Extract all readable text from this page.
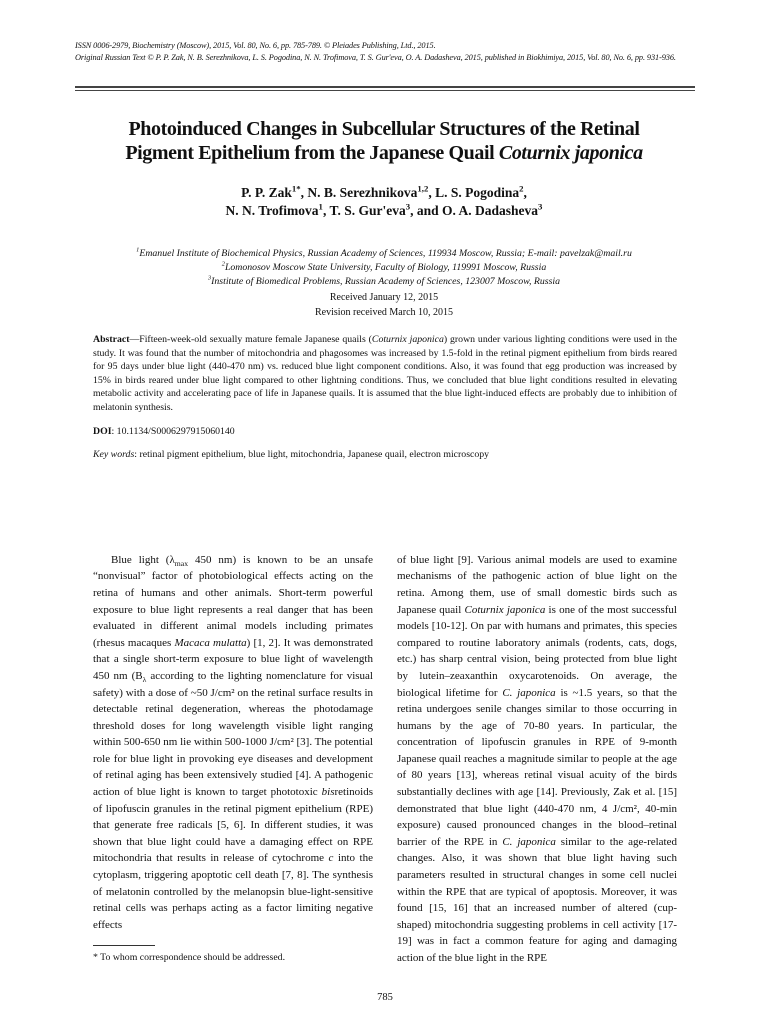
ISSN 0006-2979, Biochemistry (Moscow), 2015, Vol. 80, No. 6, pp. 785-789. © Pleiades Publishing, Ltd., 2015.
Original Russian Text © P. P. Zak, N. B. Serezhnikova, L. S. Pogodina, N. N. Trofimova, T. S. Gur'eva, O. A. Dadasheva, 2015, published in Biokhimiya, 2015, Vol. 80, No. 6, pp. 931-936.
Photoinduced Changes in Subcellular Structures of the Retinal
Pigment Epithelium from the Japanese Quail Coturnix japonica
P. P. Zak$^{1*}$, N. B. Serezhnikova$^{1,2}$, L. S. Pogodina$^2$,
N. N. Trofimova$^1$, T. S. Gur'eva$^3$, and O. A. Dadasheva$^3$
$^1$Emanuel Institute of Biochemical Physics, Russian Academy of Sciences, 119934 Moscow, Russia; E-mail: pavelzak@mail.ru
$^2$Lomonosov Moscow State University, Faculty of Biology, 119991 Moscow, Russia
$^3$Institute of Biomedical Problems, Russian Academy of Sciences, 123007 Moscow, Russia
Received January 12, 2015
Revision received March 10, 2015
Abstract—Fifteen-week-old sexually mature female Japanese quails (Coturnix japonica) grown under various lighting conditions were used in the study. It was found that the number of mitochondria and phagosomes was increased by 1.5-fold in the retinal pigment epithelium from birds reared for 95 days under blue light (440-470 nm) vs. reduced blue light component conditions. Also, it was found that egg production was increased by 15% in birds reared under blue light compared to other lightning conditions. Thus, we concluded that blue light conditions resulted in elevating metabolic activity and accelerating pace of life in Japanese quails. It is assumed that the blue light-induced effects are probably due to inhibition of melatonin synthesis.
DOI: 10.1134/S0006297915060140
Key words: retinal pigment epithelium, blue light, mitochondria, Japanese quail, electron microscopy

Blue light ($\lambda_{max}$ 450 nm) is known to be an unsafe “nonvisual” factor of photobiological effects acting on the retina of humans and other animals. Short-term powerful exposure to blue light represents a real danger that has been evaluated in different animal models including primates (rhesus macaques Macaca mulatta) [1, 2]. It was demonstrated that a single short-term exposure to blue light of wavelength 450 nm ($B_\lambda$ according to the lighting nomenclature for visual safety) with a dose of ~50 J/cm² on the retinal surface results in detectable retinal degeneration, whereas the photodamage threshold doses for long wavelength visible light ranging within 500-650 nm lie within 500-1000 J/cm² [3]. The potential role for blue light in provoking eye diseases and development of retinal aging has been extensively studied [4]. A pathogenic action of blue light is known to target phototoxic bisretinoids of lipofuscin granules in the retinal pigment epithelium (RPE) that generate free radicals [5, 6]. In different studies, it was shown that blue light could have a damaging effect on RPE mitochondria that results in release of cytochrome c into the cytoplasm, triggering apoptotic cell death [7, 8]. The synthesis of melatonin controlled by the melanopsin blue-light-sensitive retinal cells was perhaps acting as a factor limiting negative effects

* To whom correspondence should be addressed.

of blue light [9]. Various animal models are used to examine mechanisms of the pathogenic action of blue light on the retina. Among them, use of small domestic birds such as Japanese quail Coturnix japonica is one of the most successful models [10-12]. On par with humans and primates, this species compared to routine laboratory animals (rodents, cats, dogs, etc.) has sharp central vision, being protected from blue light by lutein–zeaxanthin oxycarotenoids. On average, the biological lifetime for C. japonica is ~1.5 years, so that the retina undergoes senile changes similar to those occurring in humans by the age of 70-80 years. In particular, the concentration of lipofuscin granules in RPE of 9-month Japanese quail reaches a magnitude similar to people at the age of 80 years [13], whereas retinal visual acuity of the birds substantially declines with age [14]. Previously, Zak et al. [15] demonstrated that blue light (440-470 nm, 4 J/cm², 40-min exposure) caused pronounced changes in the blood–retinal barrier of the RPE in C. japonica similar to the age-related changes. Also, it was shown that blue light having such parameters resulted in structural changes in some cell nuclei within the RPE that are typical of apoptosis. Moreover, it was found [15, 16] that an increased number of altered (cup-shaped) mitochondria suggesting problems in cell activity [17-19] was in fact a common feature for aging and damaging action of the blue light in the RPE

785
